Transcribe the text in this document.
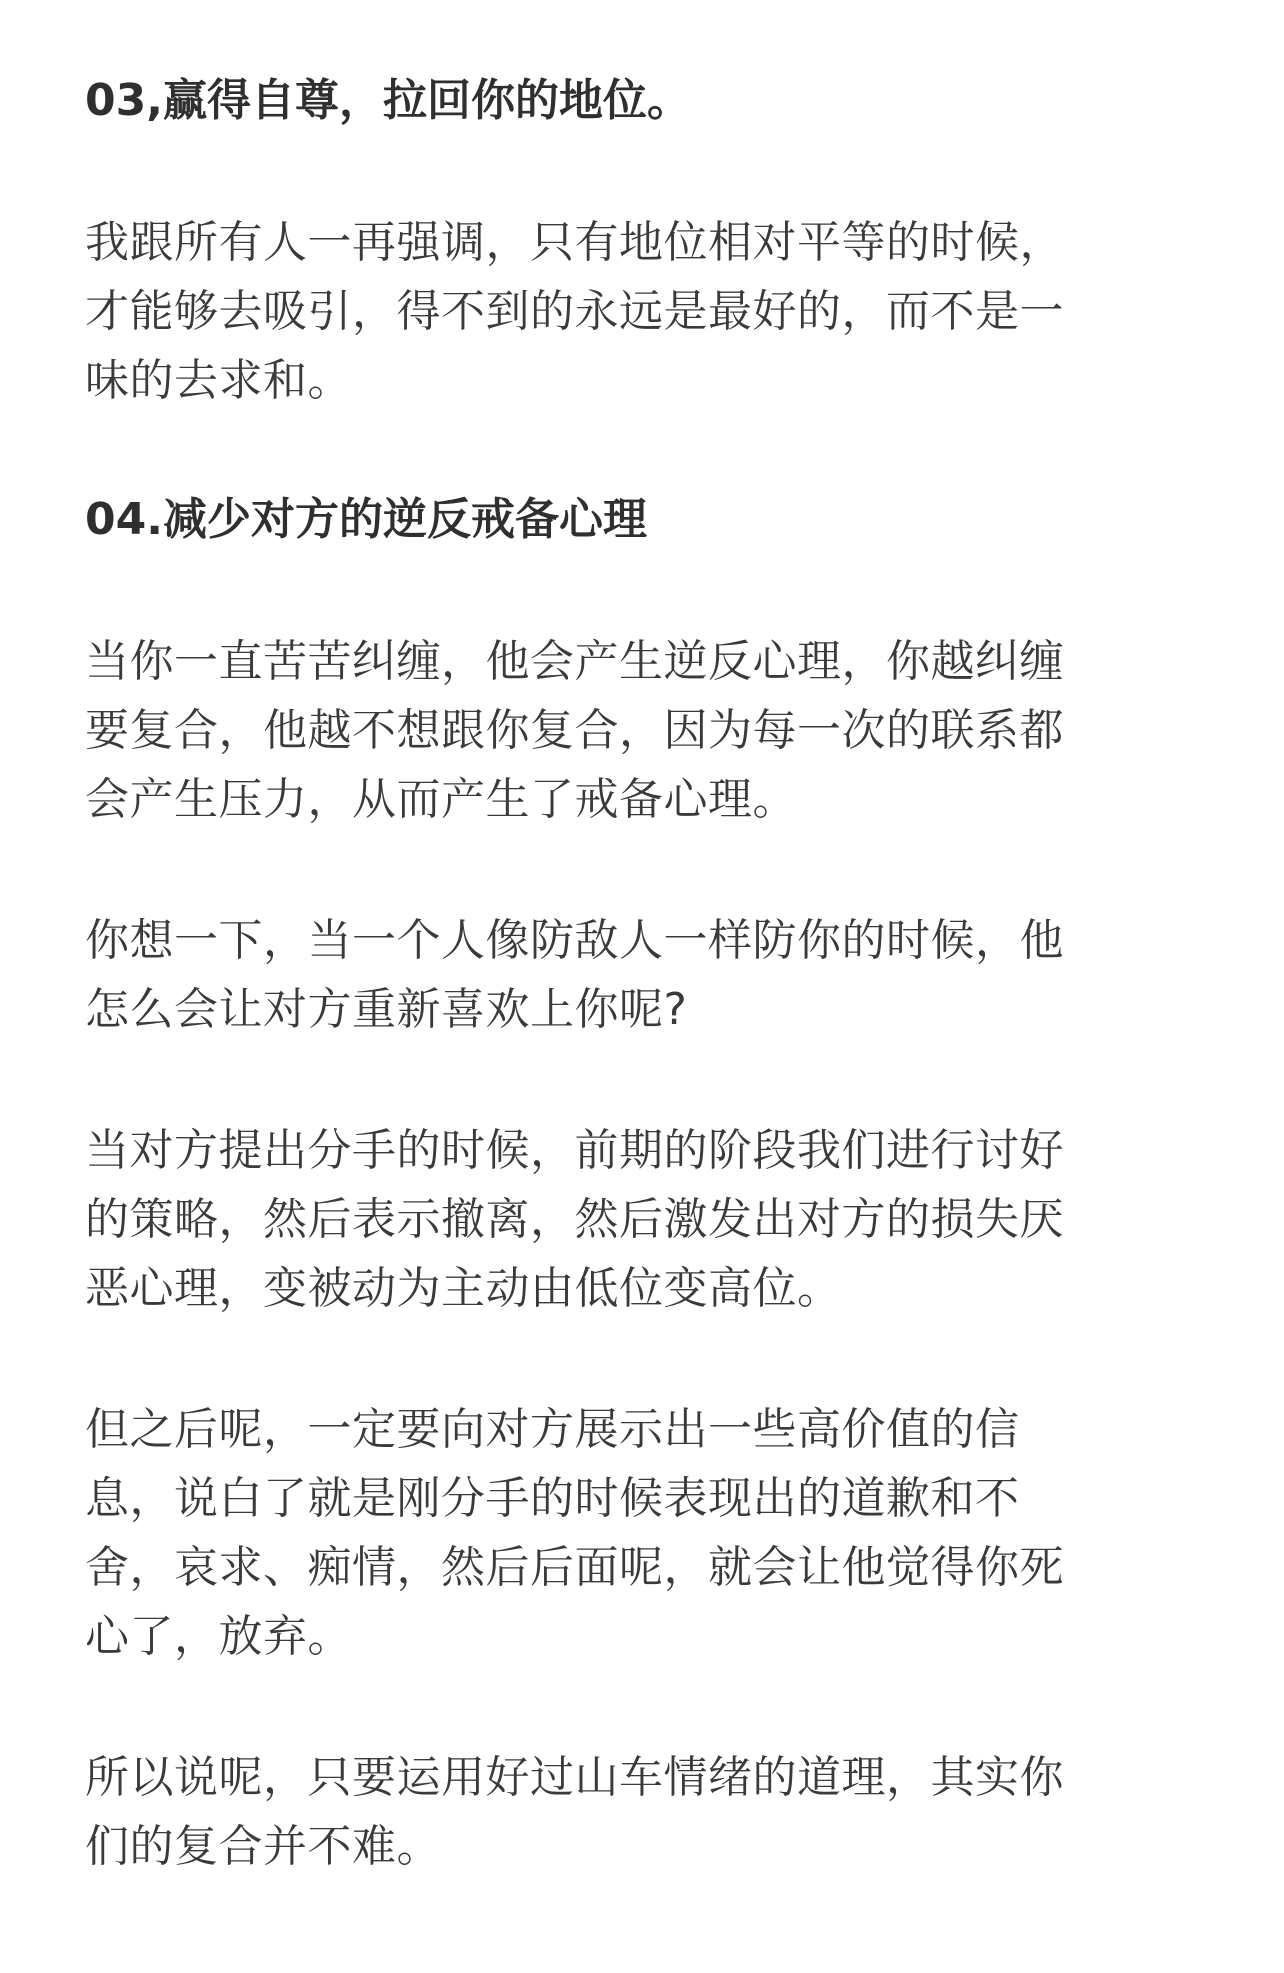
03,赢得自尊，拉回你的地位。

我跟所有人一再强调，只有地位相对平等的时候，
才能够去吸引，得不到的永远是最好的，而不是一
味的去求和。

04.减少对方的逆反戒备心理

当你一直苦苦纠缠，他会产生逆反心理，你越纠缠
要复合，他越不想跟你复合，因为每一次的联系都
会产生压力，从而产生了戒备心理。

你想一下，当一个人像防敌人一样防你的时候，他
怎么会让对方重新喜欢上你呢?

当对方提出分手的时候，前期的阶段我们进行讨好
的策略，然后表示撤离，然后激发出对方的损失厌
恶心理，变被动为主动由低位变高位。

但之后呢，一定要向对方展示出一些高价值的信
息，说白了就是刚分手的时候表现出的道歉和不
舍，哀求、痴情，然后后面呢，就会让他觉得你死
心了，放弃。

所以说呢，只要运用好过山车情绪的道理，其实你
们的复合并不难。
